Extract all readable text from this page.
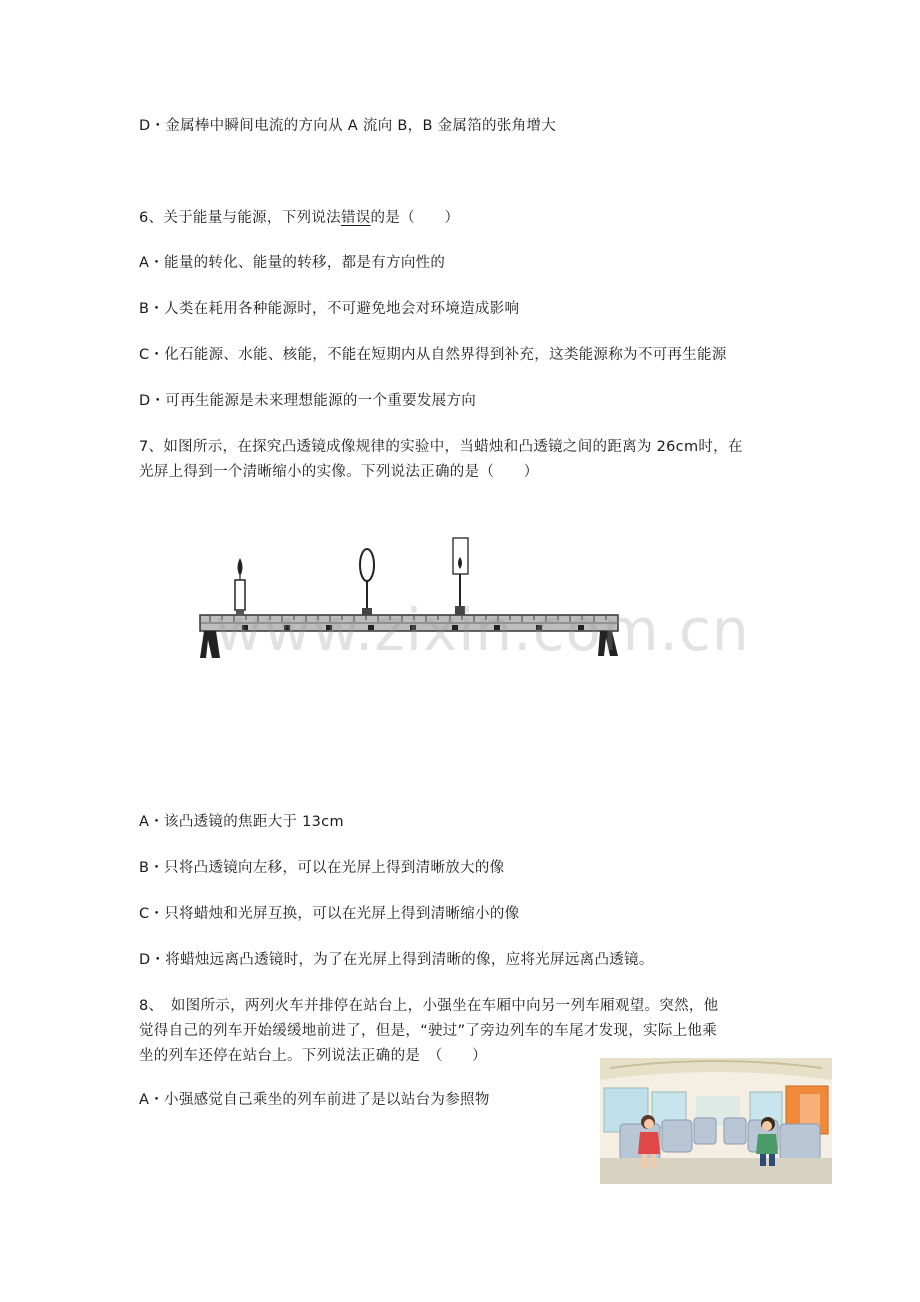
D・金属棒中瞬间电流的方向从 A 流向 B，B 金属箔的张角增大
6、关于能量与能源，下列说法错误的是（　　）
A・能量的转化、能量的转移，都是有方向性的
B・人类在耗用各种能源时，不可避免地会对环境造成影响
C・化石能源、水能、核能，不能在短期内从自然界得到补充，这类能源称为不可再生能源
D・可再生能源是未来理想能源的一个重要发展方向
7、如图所示，在探究凸透镜成像规律的实验中，当蜡烛和凸透镜之间的距离为 26cm时，在
光屏上得到一个清晰缩小的实像。下列说法正确的是（　　）
www.zixin.com.cn
A・该凸透镜的焦距大于 13cm
B・只将凸透镜向左移，可以在光屏上得到清晰放大的像
C・只将蜡烛和光屏互换，可以在光屏上得到清晰缩小的像
D・将蜡烛远离凸透镜时，为了在光屏上得到清晰的像，应将光屏远离凸透镜。
8、　如图所示，两列火车并排停在站台上，小强坐在车厢中向另一列车厢观望。突然，他
觉得自己的列车开始缓缓地前进了，但是，“驶过”了旁边列车的车尾才发现，实际上他乘
坐的列车还停在站台上。下列说法正确的是　（　　）
A・小强感觉自己乘坐的列车前进了是以站台为参照物
